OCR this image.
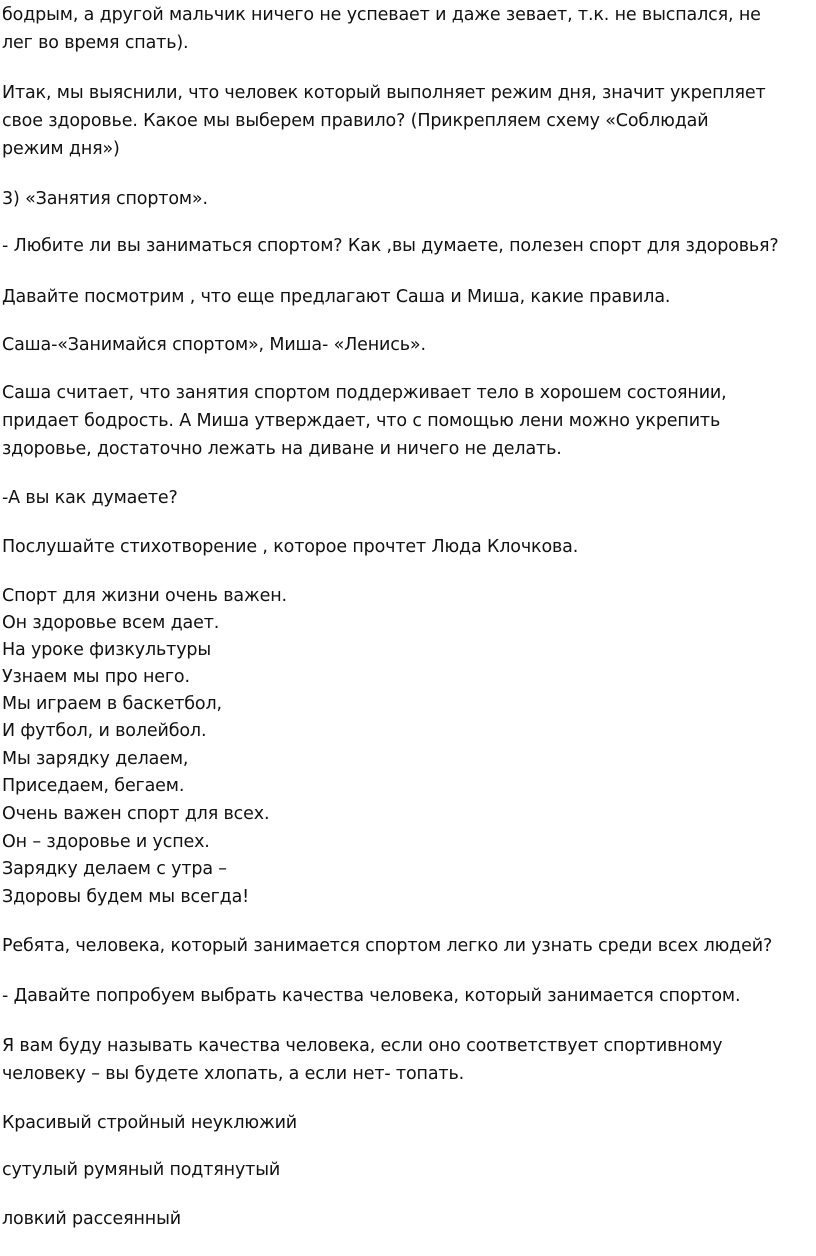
бодрым, а другой мальчик ничего не успевает и даже зевает, т.к. не выспался, не
лег во время спать).
Итак, мы выяснили, что человек который выполняет режим дня, значит укрепляет
свое здоровье. Какое мы выберем правило? (Прикрепляем схему «Соблюдай
режим дня»)
3) «Занятия спортом».
- Любите ли вы заниматься спортом? Как ,вы думаете, полезен спорт для здоровья?
Давайте посмотрим , что еще предлагают Саша и Миша, какие правила.
Саша-«Занимайся спортом», Миша- «Ленись».
Саша считает, что занятия спортом поддерживает тело в хорошем состоянии,
придает бодрость. А Миша утверждает, что с помощью лени можно укрепить
здоровье, достаточно лежать на диване и ничего не делать.
-А вы как думаете?
Послушайте стихотворение , которое прочтет Люда Клочкова.
Спорт для жизни очень важен.
Он здоровье всем дает.
На уроке физкультуры
Узнаем мы про него.
Мы играем в баскетбол,
И футбол, и волейбол.
Мы зарядку делаем,
Приседаем, бегаем.
Очень важен спорт для всех.
Он – здоровье и успех.
Зарядку делаем с утра –
Здоровы будем мы всегда!
Ребята, человека, который занимается спортом легко ли узнать среди всех людей?
- Давайте попробуем выбрать качества человека, который занимается спортом.
Я вам буду называть качества человека, если оно соответствует спортивному
человеку – вы будете хлопать, а если нет- топать.
Красивый стройный неуклюжий
сутулый румяный подтянутый
ловкий рассеянный
